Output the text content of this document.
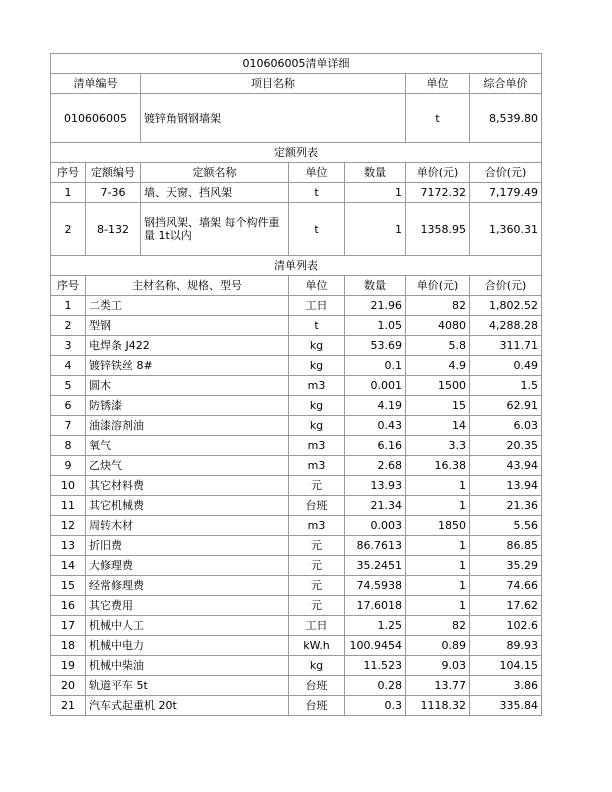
010606005清单详细						
清单编号		项目名称			单位	综合单价
010606005		镀锌角钢钢墙架			t	8,539.80
定额列表						
序号	定额编号	定额名称	单位	数量	单价(元)	合价(元)
1	7-36	墙、天窗、挡风架	t	1	7172.32	7,179.49
2	8-132	钢挡风架、墙架 每个构件重量 1t以内	t	1	1358.95	1,360.31
清单列表						
序号	主材名称、规格、型号		单位	数量	单价(元)	合价(元)
1	二类工		工日	21.96	82	1,802.52
2	型钢		t	1.05	4080	4,288.28
3	电焊条 J422		kg	53.69	5.8	311.71
4	镀锌铁丝 8#		kg	0.1	4.9	0.49
5	圆木		m3	0.001	1500	1.5
6	防锈漆		kg	4.19	15	62.91
7	油漆溶剂油		kg	0.43	14	6.03
8	氧气		m3	6.16	3.3	20.35
9	乙炔气		m3	2.68	16.38	43.94
10	其它材料费		元	13.93	1	13.94
11	其它机械费		台班	21.34	1	21.36
12	周转木材		m3	0.003	1850	5.56
13	折旧费		元	86.7613	1	86.85
14	大修理费		元	35.2451	1	35.29
15	经常修理费		元	74.5938	1	74.66
16	其它费用		元	17.6018	1	17.62
17	机械中人工		工日	1.25	82	102.6
18	机械中电力		kW.h	100.9454	0.89	89.93
19	机械中柴油		kg	11.523	9.03	104.15
20	轨道平车 5t		台班	0.28	13.77	3.86
21	汽车式起重机 20t		台班	0.3	1118.32	335.84
